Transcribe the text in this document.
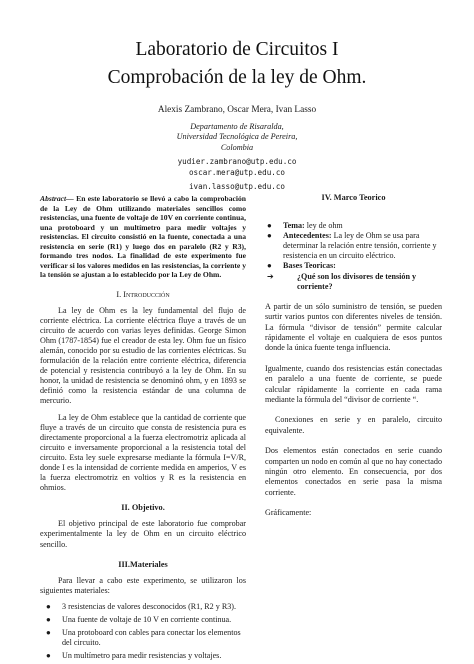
Laboratorio de Circuitos I
Comprobación de la ley de Ohm.
Alexis Zambrano, Oscar Mera, Ivan Lasso
Departamento de Risaralda,
Universidad Tecnológica de Pereira,
Colombia
yudier.zambrano@utp.edu.co
oscar.mera@utp.edu.co
ivan.lasso@utp.edu.co
Abstract— En este laboratorio se llevó a cabo la comprobación de la Ley de Ohm utilizando materiales sencillos como resistencias, una fuente de voltaje de 10V en corriente continua, una protoboard y un multímetro para medir voltajes y resistencias. El circuito consistió en la fuente, conectada a una resistencia en serie (R1) y luego dos en paralelo (R2 y R3), formando tres nodos. La finalidad de este experimento fue verificar si los valores medidos en las resistencias, la corriente y la tensión se ajustan a lo establecido por la Ley de Ohm.
I. Introducción

La ley de Ohm es la ley fundamental del flujo de corriente eléctrica. La corriente eléctrica fluye a través de un circuito de acuerdo con varias leyes definidas. George Simon Ohm (1787-1854) fue el creador de esta ley. Ohm fue un físico alemán, conocido por su estudio de las corrientes eléctricas. Su formulación de la relación entre corriente eléctrica, diferencia de potencial y resistencia contribuyó a la ley de Ohm. En su honor, la unidad de resistencia se denominó ohm, y en 1893 se definió como la resistencia estándar de una columna de mercurio.

La ley de Ohm establece que la cantidad de corriente que fluye a través de un circuito que consta de resistencia pura es directamente proporcional a la fuerza electromotriz aplicada al circuito e inversamente proporcional a la resistencia total del circuito. Esta ley suele expresarse mediante la fórmula I=V/R, donde I es la intensidad de corriente medida en amperios, V es la fuerza electromotriz en voltios y R es la resistencia en ohmios.

II. Objetivo.

El objetivo principal de este laboratorio fue comprobar experimentalmente la ley de Ohm en un circuito eléctrico sencillo.

III.Materiales

Para llevar a cabo este experimento, se utilizaron los siguientes materiales:

● 3 resistencias de valores desconocidos (R1, R2 y R3).
● Una fuente de voltaje de 10 V en corriente continua.
● Una protoboard con cables para conectar los elementos del circuito.
● Un multímetro para medir resistencias y voltajes.
IV. Marco Teorico
● Tema: ley de ohm
● Antecedentes: La ley de Ohm se usa para determinar la relación entre tensión, corriente y resistencia en un circuito eléctrico.
● Bases Teoricas:
➔	¿Qué son los divisores de tensión y corriente?

A partir de un sólo suministro de tensión, se pueden surtir varios puntos con diferentes niveles de tensión. La fórmula “divisor de tensión” permite calcular rápidamente el voltaje en cualquiera de esos puntos donde la única fuente tenga influencia.

Igualmente, cuando dos resistencias están conectadas en paralelo a una fuente de corriente, se puede calcular rápidamente la corriente en cada rama mediante la fórmula del “divisor de corriente “.

Conexiones en serie y en paralelo, circuito equivalente.

Dos elementos están conectados en serie cuando comparten un nodo en común al que no hay conectado ningún otro elemento. En consecuencia, por dos elementos conectados en serie pasa la misma corriente.

Gráficamente:
